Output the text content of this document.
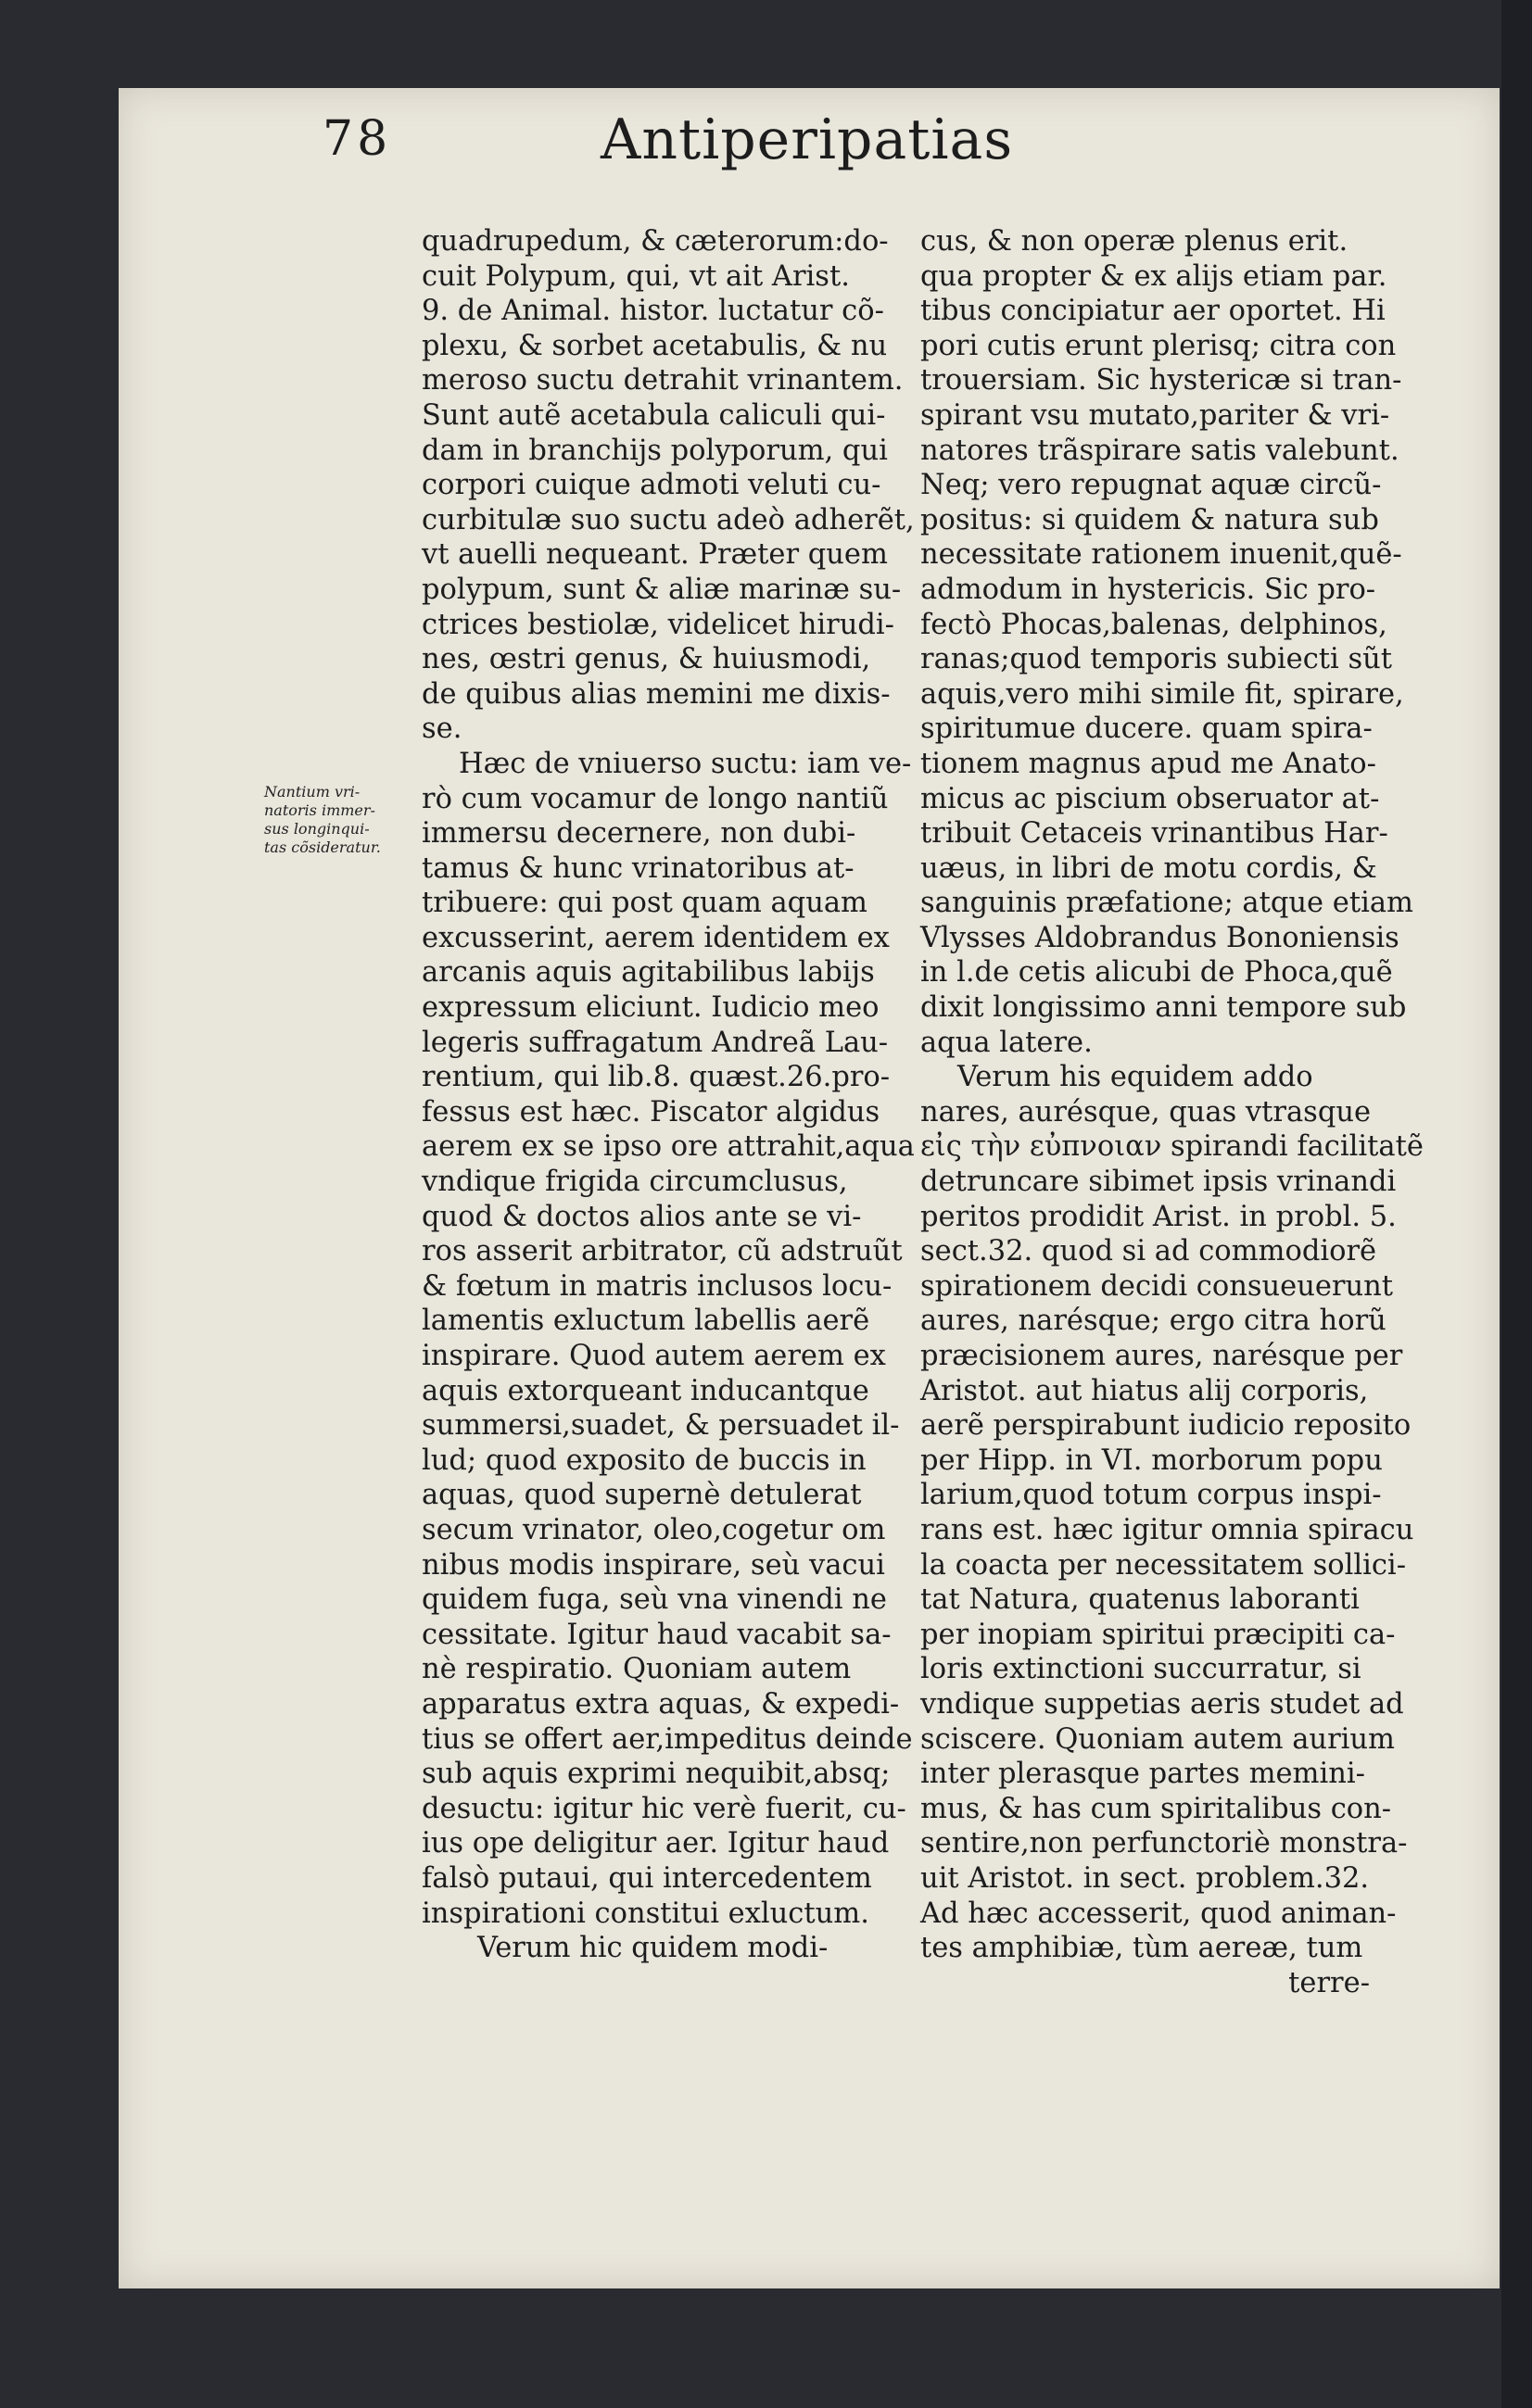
78	Antiperipatias
Nantium vri-
natoris immer-
sus longinqui-
tas cõsideratur.
quadrupedum, & cæterorum:do-
cuit Polypum, qui, vt ait Arist.
9. de Animal. histor. luctatur cõ-
plexu, & sorbet acetabulis, & nu
meroso suctu detrahit vrinantem.
Sunt autẽ acetabula caliculi qui-
dam in branchijs polyporum, qui
corpori cuique admoti veluti cu-
curbitulæ suo suctu adeò adherẽt,
vt auelli nequeant. Præter quem
polypum, sunt & aliæ marinæ su-
ctrices bestiolæ, videlicet hirudi-
nes, œstri genus, & huiusmodi,
de quibus alias memini me dixis-
se.
Hæc de vniuerso suctu: iam ve-
rò cum vocamur de longo nantiũ
immersu decernere, non dubi-
tamus & hunc vrinatoribus at-
tribuere: qui post quam aquam
excusserint, aerem identidem ex
arcanis aquis agitabilibus labijs
expressum eliciunt. Iudicio meo
legeris suffragatum Andreã Lau-
rentium, qui lib.8. quæst.26.pro-
fessus est hæc. Piscator algidus
aerem ex se ipso ore attrahit,aqua
vndique frigida circumclusus,
quod & doctos alios ante se vi-
ros asserit arbitrator, cũ adstruũt
& fœtum in matris inclusos locu-
lamentis exluctum labellis aerẽ
inspirare. Quod autem aerem ex
aquis extorqueant inducantque
summersi,suadet, & persuadet il-
lud; quod exposito de buccis in
aquas, quod supernè detulerat
secum vrinator, oleo,cogetur om
nibus modis inspirare, seù vacui
quidem fuga, seù vna vinendi ne
cessitate. Igitur haud vacabit sa-
nè respiratio. Quoniam autem
apparatus extra aquas, & expedi-
tius se offert aer,impeditus deinde
sub aquis exprimi nequibit,absq;
desuctu: igitur hic verè fuerit, cu-
ius ope deligitur aer. Igitur haud
falsò putaui, qui intercedentem
inspirationi constitui exluctum.
Verum hic quidem modi-
cus, & non operæ plenus erit.
qua propter & ex alijs etiam par.
tibus concipiatur aer oportet. Hi
pori cutis erunt plerisq; citra con
trouersiam. Sic hystericæ si tran-
spirant vsu mutato,pariter & vri-
natores trãspirare satis valebunt.
Neq; vero repugnat aquæ circũ-
positus: si quidem & natura sub
necessitate rationem inuenit,quẽ-
admodum in hystericis. Sic pro-
fectò Phocas,balenas, delphinos,
ranas;quod temporis subiecti sũt
aquis,vero mihi simile fit, spirare,
spiritumue ducere. quam spira-
tionem magnus apud me Anato-
micus ac piscium obseruator at-
tribuit Cetaceis vrinantibus Har-
uæus, in libri de motu cordis, &
sanguinis præfatione; atque etiam
Vlysses Aldobrandus Bononiensis
in l.de cetis alicubi de Phoca,quẽ
dixit longissimo anni tempore sub
aqua latere.
Verum his equidem addo
nares, aurésque, quas vtrasque
εἰς τὴν εὐπνοιαν spirandi facilitatẽ
detruncare sibimet ipsis vrinandi
peritos prodidit Arist. in probl. 5.
sect.32. quod si ad commodiorẽ
spirationem decidi consueuerunt
aures, narésque; ergo citra horũ
præcisionem aures, narésque per
Aristot. aut hiatus alij corporis,
aerẽ perspirabunt iudicio reposito
per Hipp. in VI. morborum popu
larium,quod totum corpus inspi-
rans est. hæc igitur omnia spiracu
la coacta per necessitatem sollici-
tat Natura, quatenus laboranti
per inopiam spiritui præcipiti ca-
loris extinctioni succurratur, si
vndique suppetias aeris studet ad
sciscere. Quoniam autem aurium
inter plerasque partes memini-
mus, & has cum spiritalibus con-
sentire,non perfunctoriè monstra-
uit Aristot. in sect. problem.32.
Ad hæc accesserit, quod animan-
tes amphibiæ, tùm aereæ, tum
terre-
